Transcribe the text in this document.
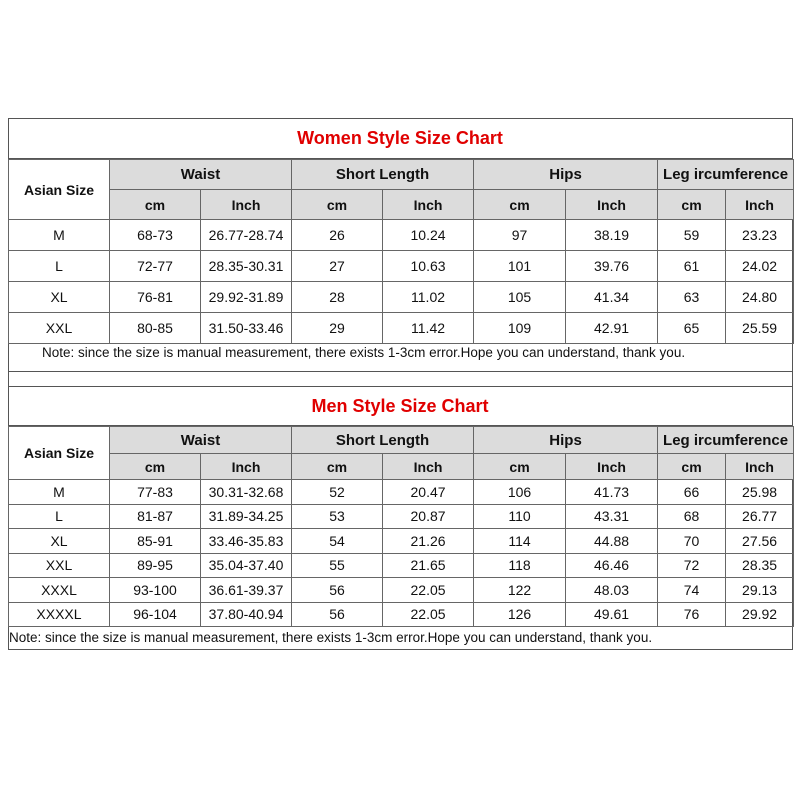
Women Style Size Chart
Asian Size	Waist		Short Length		Hips		Leg ircumference	
	cm	Inch	cm	Inch	cm	Inch	cm	Inch
M	68-73	26.77-28.74	26	10.24	97	38.19	59	23.23
L	72-77	28.35-30.31	27	10.63	101	39.76	61	24.02
XL	76-81	29.92-31.89	28	11.02	105	41.34	63	24.80
XXL	80-85	31.50-33.46	29	11.42	109	42.91	65	25.59
Note: since the size is manual measurement, there exists 1-3cm error.Hope you can understand, thank you.
Men Style Size Chart
Asian Size	Waist		Short Length		Hips		Leg ircumference	
	cm	Inch	cm	Inch	cm	Inch	cm	Inch
M	77-83	30.31-32.68	52	20.47	106	41.73	66	25.98
L	81-87	31.89-34.25	53	20.87	110	43.31	68	26.77
XL	85-91	33.46-35.83	54	21.26	114	44.88	70	27.56
XXL	89-95	35.04-37.40	55	21.65	118	46.46	72	28.35
XXXL	93-100	36.61-39.37	56	22.05	122	48.03	74	29.13
XXXXL	96-104	37.80-40.94	56	22.05	126	49.61	76	29.92
Note: since the size is manual measurement, there exists 1-3cm error.Hope you can understand, thank you.
